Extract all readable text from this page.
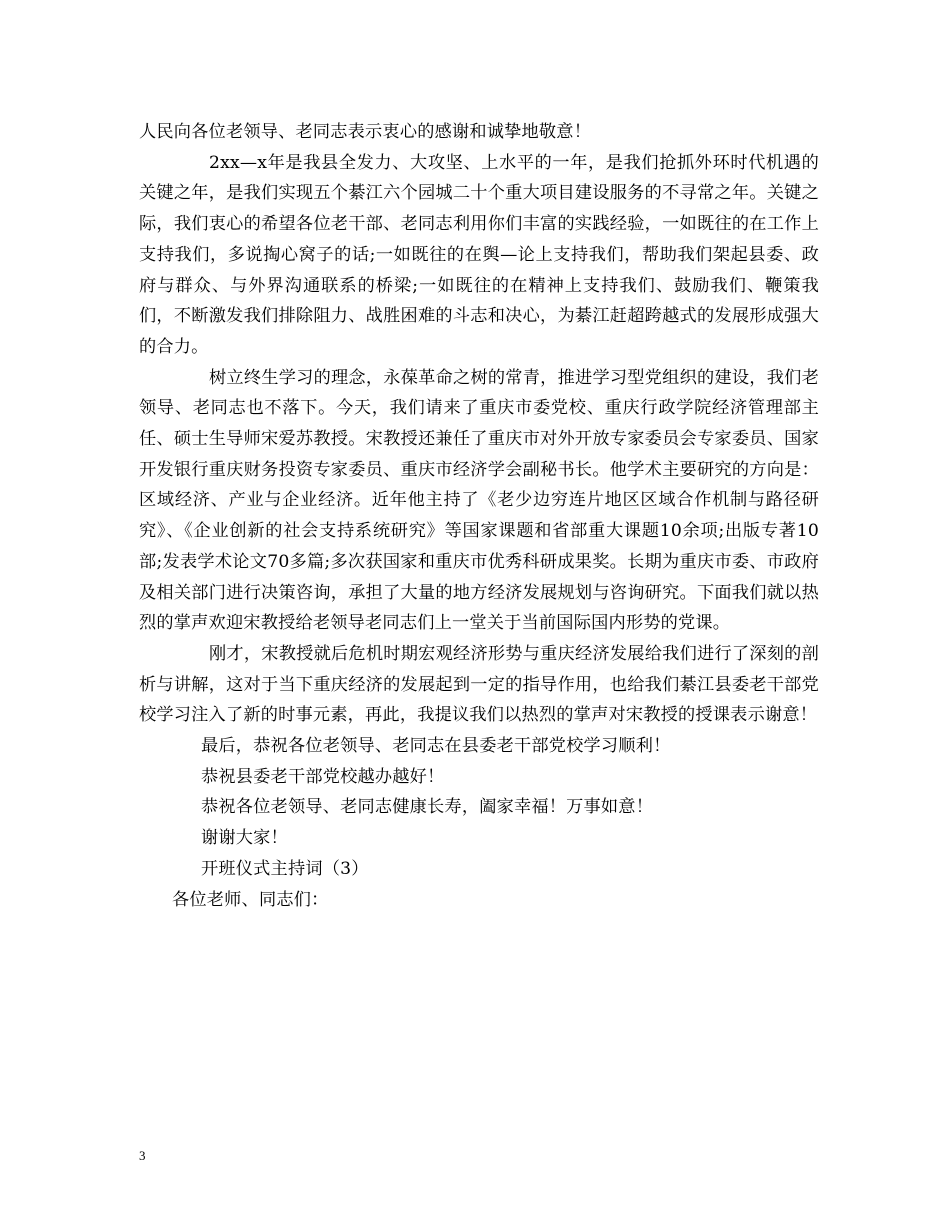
人民向各位老领导、老同志表示衷心的感谢和诚挚地敬意！

2xx—x年是我县全发力、大攻坚、上水平的一年，是我们抢抓外环时代机遇的关键之年，是我们实现五个綦江六个园城二十个重大项目建设服务的不寻常之年。关键之际，我们衷心的希望各位老干部、老同志利用你们丰富的实践经验，一如既往的在工作上支持我们，多说掏心窝子的话;一如既往的在舆—论上支持我们，帮助我们架起县委、政府与群众、与外界沟通联系的桥梁;一如既往的在精神上支持我们、鼓励我们、鞭策我们，不断激发我们排除阻力、战胜困难的斗志和决心，为綦江赶超跨越式的发展形成强大的合力。

树立终生学习的理念，永葆革命之树的常青，推进学习型党组织的建设，我们老领导、老同志也不落下。今天，我们请来了重庆市委党校、重庆行政学院经济管理部主任、硕士生导师宋爱苏教授。宋教授还兼任了重庆市对外开放专家委员会专家委员、国家开发银行重庆财务投资专家委员、重庆市经济学会副秘书长。他学术主要研究的方向是：区域经济、产业与企业经济。近年他主持了《老少边穷连片地区区域合作机制与路径研究》、《企业创新的社会支持系统研究》等国家课题和省部重大课题10余项;出版专著10部;发表学术论文70多篇;多次获国家和重庆市优秀科研成果奖。长期为重庆市委、市政府及相关部门进行决策咨询，承担了大量的地方经济发展规划与咨询研究。下面我们就以热烈的掌声欢迎宋教授给老领导老同志们上一堂关于当前国际国内形势的党课。

刚才，宋教授就后危机时期宏观经济形势与重庆经济发展给我们进行了深刻的剖析与讲解，这对于当下重庆经济的发展起到一定的指导作用，也给我们綦江县委老干部党校学习注入了新的时事元素，再此，我提议我们以热烈的掌声对宋教授的授课表示谢意！

最后，恭祝各位老领导、老同志在县委老干部党校学习顺利！

恭祝县委老干部党校越办越好！

恭祝各位老领导、老同志健康长寿，阖家幸福！万事如意！

谢谢大家！

开班仪式主持词（3）

各位老师、同志们：

3
